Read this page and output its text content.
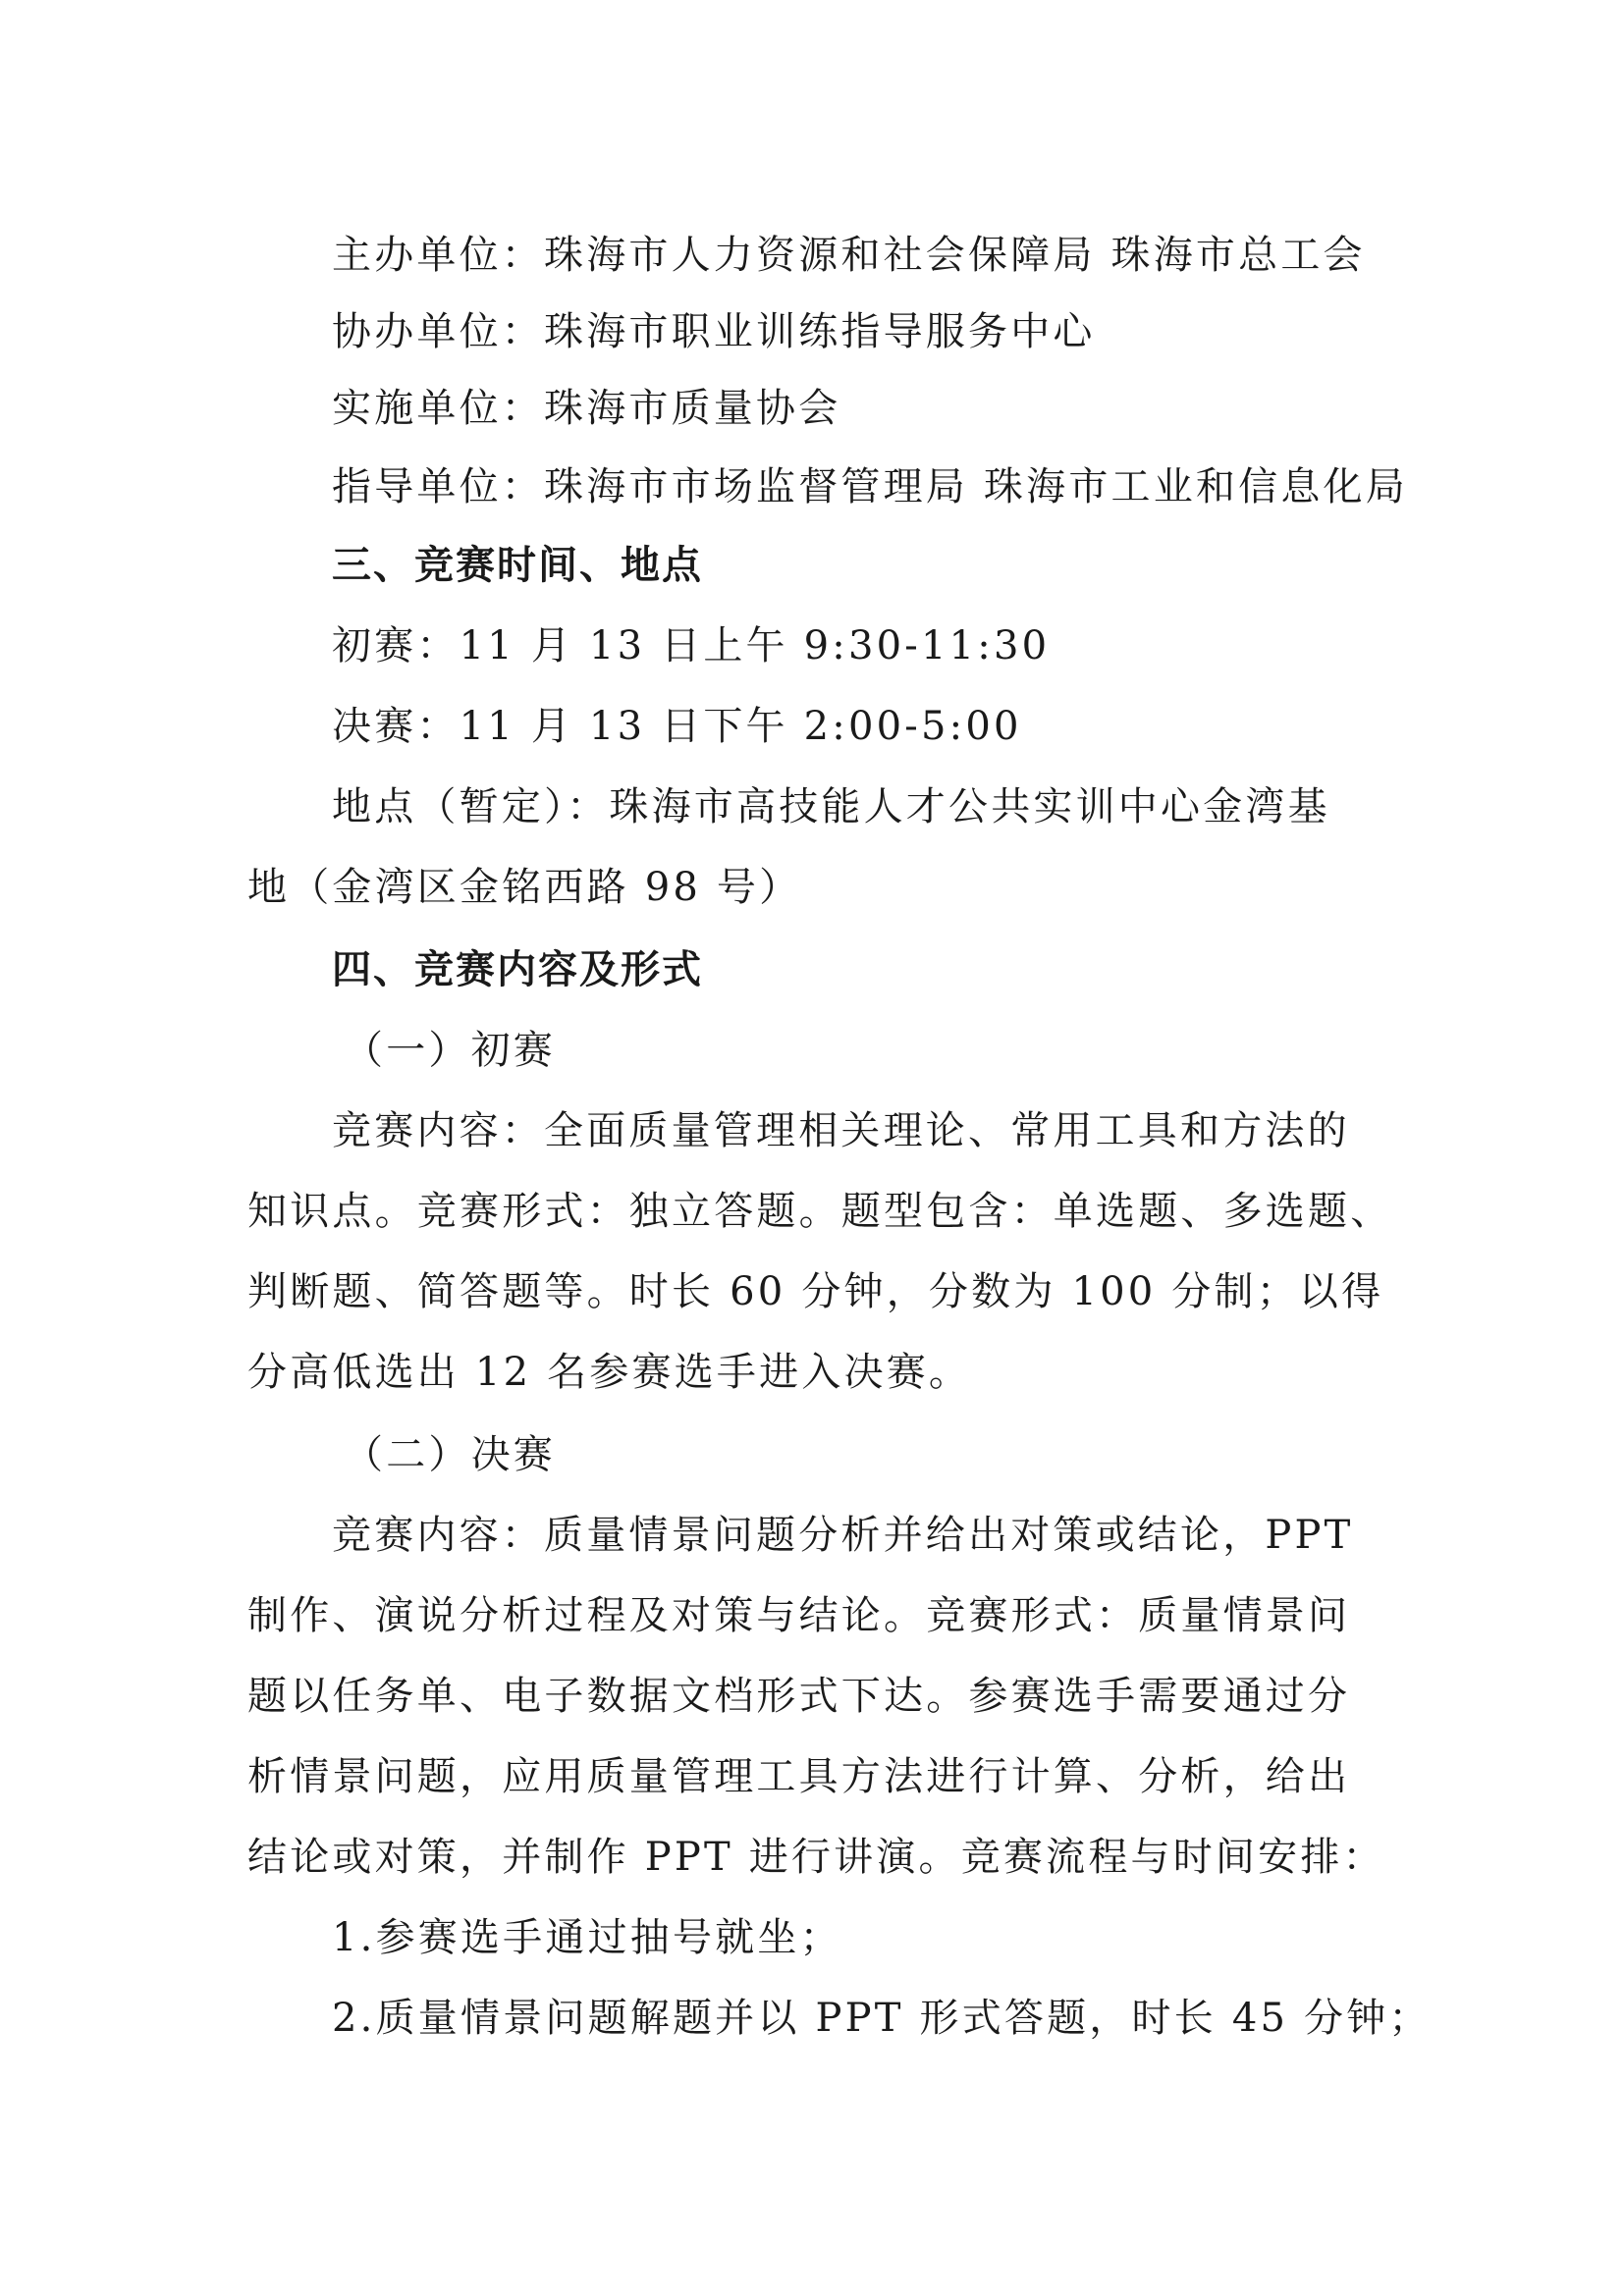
主办单位：珠海市人力资源和社会保障局 珠海市总工会
协办单位：珠海市职业训练指导服务中心
实施单位：珠海市质量协会
指导单位：珠海市市场监督管理局 珠海市工业和信息化局
三、竞赛时间、地点
初赛：11 月 13 日上午 9:30-11:30
决赛：11 月 13 日下午 2:00-5:00
地点（暂定）：珠海市高技能人才公共实训中心金湾基
地（金湾区金铭西路 98 号）
四、竞赛内容及形式
（一）初赛
竞赛内容：全面质量管理相关理论、常用工具和方法的
知识点。竞赛形式：独立答题。题型包含：单选题、多选题、
判断题、简答题等。时长 60 分钟，分数为 100 分制；以得
分高低选出 12 名参赛选手进入决赛。
（二）决赛
竞赛内容：质量情景问题分析并给出对策或结论，PPT
制作、演说分析过程及对策与结论。竞赛形式：质量情景问
题以任务单、电子数据文档形式下达。参赛选手需要通过分
析情景问题，应用质量管理工具方法进行计算、分析，给出
结论或对策，并制作 PPT 进行讲演。竞赛流程与时间安排：
1.参赛选手通过抽号就坐；
2.质量情景问题解题并以 PPT 形式答题，时长 45 分钟；
